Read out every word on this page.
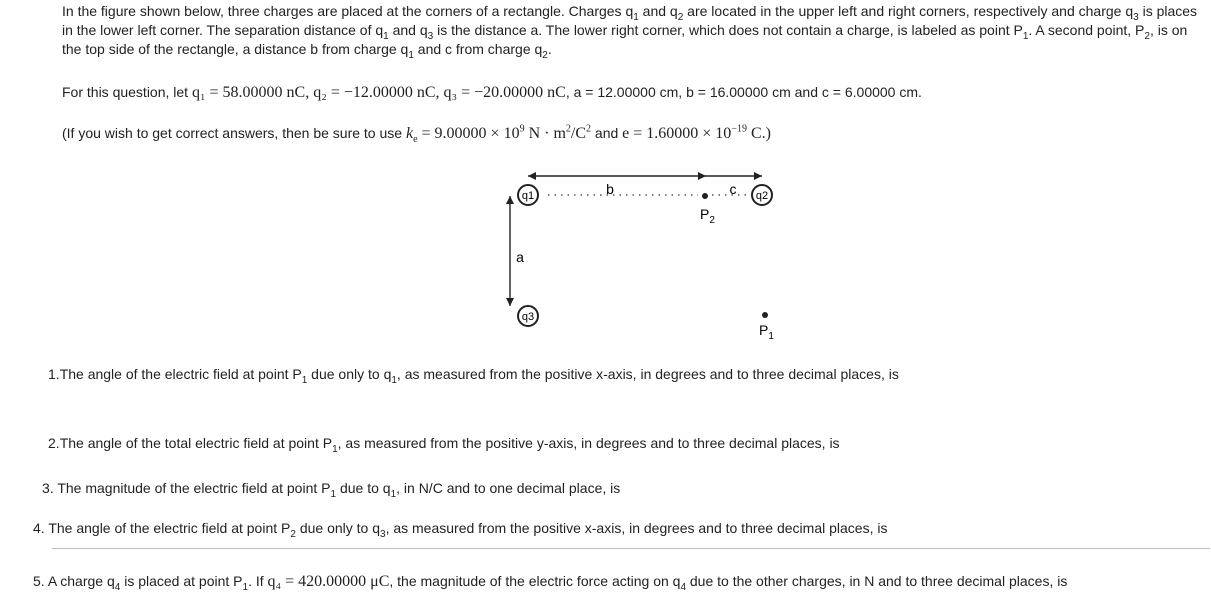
In the figure shown below, three charges are placed at the corners of a rectangle. Charges $q_1$ and $q_2$ are located in the upper left and right corners, respectively and charge $q_3$ is places in the lower left corner. The separation distance of $q_1$ and $q_3$ is the distance a. The lower right corner, which does not contain a charge, is labeled as point $P_1$. A second point, $P_2$, is on the top side of the rectangle, a distance b from charge $q_1$ and c from charge $q_2$.

For this question, let q₁ = 58.00000 nC, q₂ = −12.00000 nC, q₃ = −20.00000 nC, a = 12.00000 cm, b = 16.00000 cm and c = 6.00000 cm.

(If you wish to get correct answers, then be sure to use $k_e = 9.00000 \times 10^9$ $N \cdot m^2/C^2$ and $e = 1.60000 \times 10^{-19}$ C.)

q1	q2
q3
b	c
a
$P_2$
$P_1$
1.The angle of the electric field at point $P_1$ due only to $q_1$, as measured from the positive x-axis, in degrees and to three decimal places, is
2.The angle of the total electric field at point $P_1$, as measured from the positive y-axis, in degrees and to three decimal places, is
3. The magnitude of the electric field at point $P_1$ due to $q_1$, in N/C and to one decimal place, is
4. The angle of the electric field at point $P_2$ due only to $q_3$, as measured from the positive x-axis, in degrees and to three decimal places, is
5. A charge $q_4$ is placed at point $P_1$. If q₄ = 420.00000 μC, the magnitude of the electric force acting on $q_4$ due to the other charges, in N and to three decimal places, is
